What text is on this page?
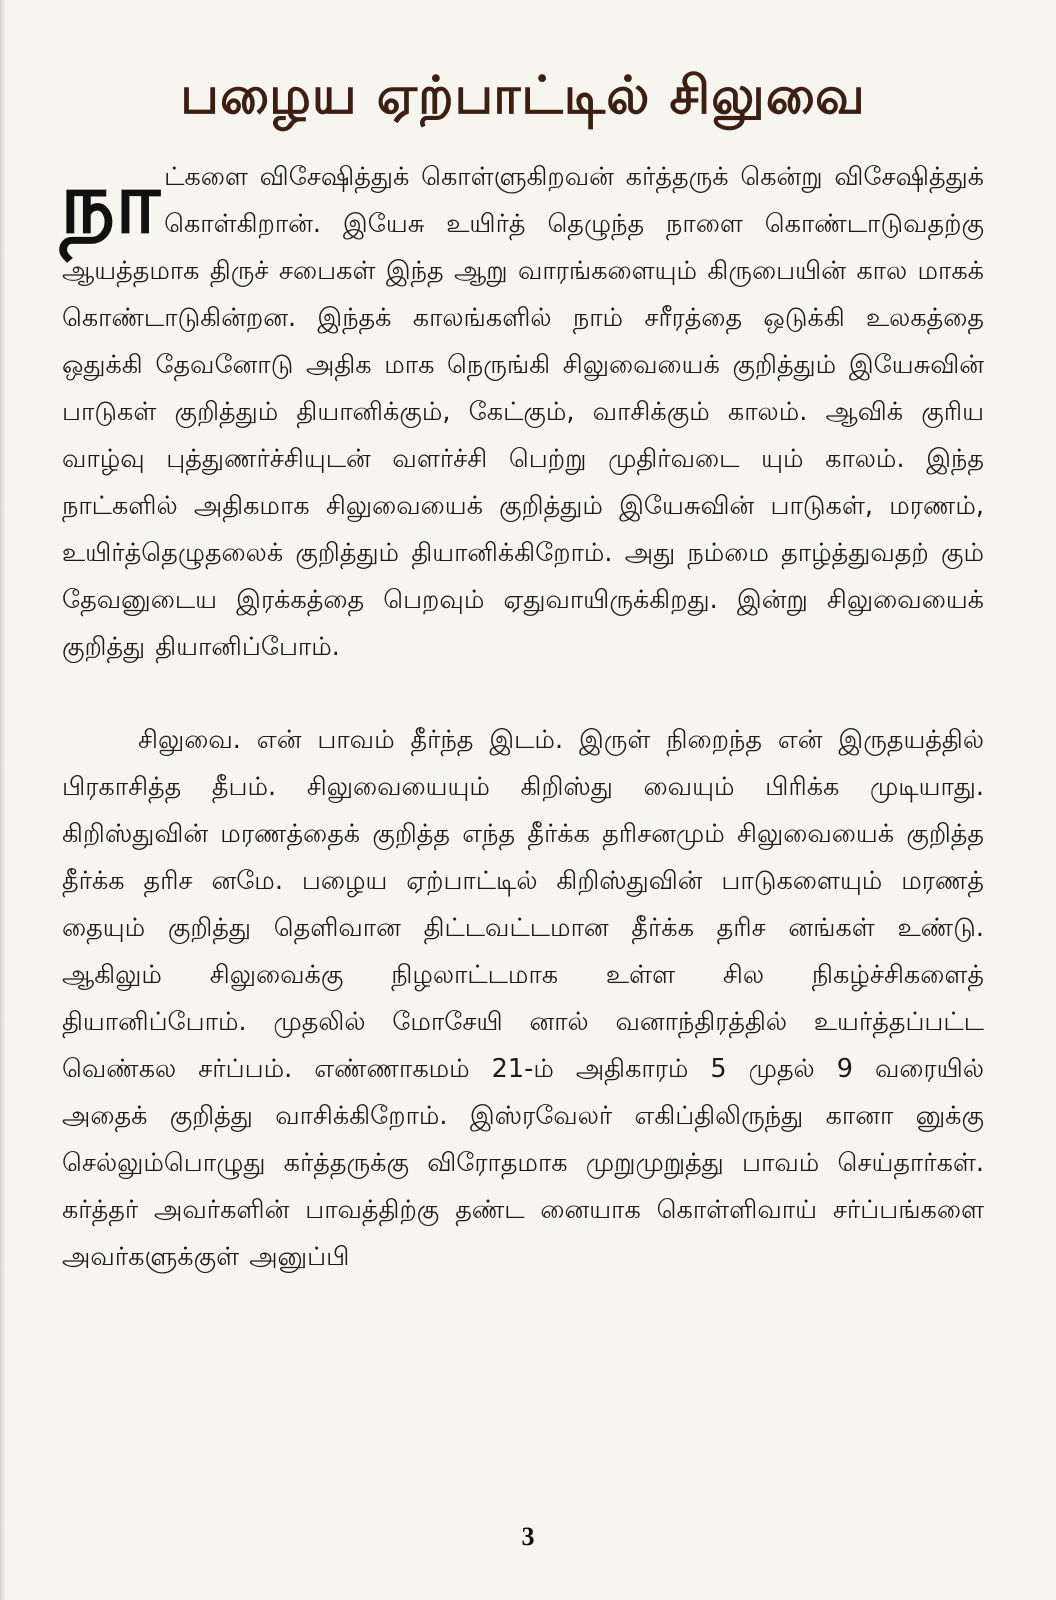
பழைய ஏற்பாட்டில் சிலுவை

நாட்களை விசேஷித்துக் கொள்ளுகிறவன் கர்த்தருக் கென்று விசேஷித்துக் கொள்கிறான். இயேசு உயிர்த் தெழுந்த நாளை கொண்டாடுவதற்கு ஆயத்தமாக திருச் சபைகள் இந்த ஆறு வாரங்களையும் கிருபையின் கால மாகக் கொண்டாடுகின்றன. இந்தக் காலங்களில் நாம் சரீரத்தை ஒடுக்கி உலகத்தை ஒதுக்கி தேவனோடு அதிக மாக நெருங்கி சிலுவையைக் குறித்தும் இயேசுவின் பாடுகள் குறித்தும் தியானிக்கும், கேட்கும், வாசிக்கும் காலம். ஆவிக் குரிய வாழ்வு புத்துணர்ச்சியுடன் வளர்ச்சி பெற்று முதிர்வடை யும் காலம். இந்த நாட்களில் அதிகமாக சிலுவையைக் குறித்தும் இயேசுவின் பாடுகள், மரணம், உயிர்த்தெழுதலைக் குறித்தும் தியானிக்கிறோம். அது நம்மை தாழ்த்துவதற் கும் தேவனுடைய இரக்கத்தை பெறவும் ஏதுவாயிருக்கிறது. இன்று சிலுவையைக் குறித்து தியானிப்போம்.

சிலுவை. என் பாவம் தீர்ந்த இடம். இருள் நிறைந்த என் இருதயத்தில் பிரகாசித்த தீபம். சிலுவையையும் கிறிஸ்து வையும் பிரிக்க முடியாது. கிறிஸ்துவின் மரணத்தைக் குறித்த எந்த தீர்க்க தரிசனமும் சிலுவையைக் குறித்த தீர்க்க தரிச னமே. பழைய ஏற்பாட்டில் கிறிஸ்துவின் பாடுகளையும் மரணத் தையும் குறித்து தெளிவான திட்டவட்டமான தீர்க்க தரிச னங்கள் உண்டு. ஆகிலும் சிலுவைக்கு நிழலாட்டமாக உள்ள சில நிகழ்ச்சிகளைத் தியானிப்போம். முதலில் மோசேயி னால் வனாந்திரத்தில் உயர்த்தப்பட்ட வெண்கல சர்ப்பம். எண்ணாகமம் 21-ம் அதிகாரம் 5 முதல் 9 வரையில் அதைக் குறித்து வாசிக்கிறோம். இஸ்ரவேலர் எகிப்திலிருந்து கானா னுக்கு செல்லும்பொழுது கர்த்தருக்கு விரோதமாக முறுமுறுத்து பாவம் செய்தார்கள். கர்த்தர் அவர்களின் பாவத்திற்கு தண்ட னையாக கொள்ளிவாய் சர்ப்பங்களை அவர்களுக்குள் அனுப்பி

3
